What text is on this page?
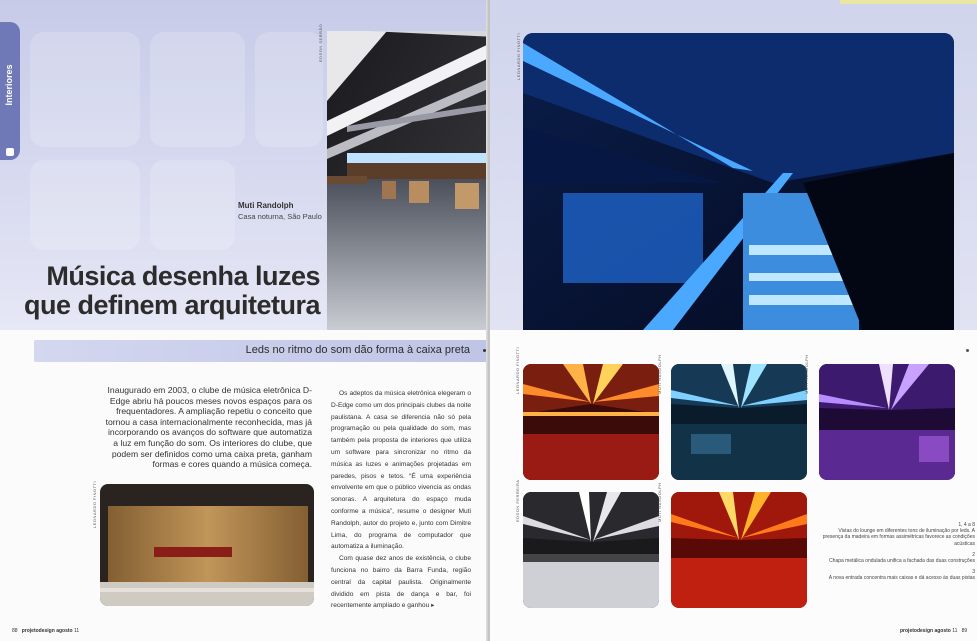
Interiores
EDSON SERRÃO
Muti Randolph
Casa noturna, São Paulo
Música desenha luzes
que definem arquitetura
Inaugurado em 2003, o clube de música eletrônica D-Edge abriu há poucos meses novos espaços para os frequentadores. A ampliação repetiu o conceito que tornou a casa internacionalmente reconhecida, mas já incorporando os avanços do software que automatiza a luz em função do som. Os interiores do clube, que podem ser definidos como uma caixa preta, ganham formas e cores quando a música começa.
LEONARDO FINOTTI

Os adeptos da música eletrônica elegeram o D-Edge como um dos principais clubes da noite paulistana. A casa se diferencia não só pela programação ou pela qualidade do som, mas também pela proposta de interiores que utiliza um software para sincronizar no ritmo da música as luzes e animações projetadas em paredes, pisos e tetos. “É uma experiência envolvente em que o público vivencia as ondas sonoras. A arquitetura do espaço muda conforme a música”, resume o designer Muti Randolph, autor do projeto e, junto com Dimitre Lima, do programa de computador que automatiza a iluminação.

Com quase dez anos de existência, o clube funciona no bairro da Barra Funda, região central da capital paulista. Originalmente dividido em pista de dança e bar, foi recentemente ampliado e ganhou ▸

88 projetodesign agosto 11
Leds no ritmo do som dão forma à caixa preta
LEONARDO FINOTTI
LEONARDO FINOTTI	MUTI RANDOLPH	MUTI RANDOLPH
EDSON FERREIRA	MUTI RANDOLPH

1, 4 a 8
Vistas do lounge em diferentes tons de iluminação por leds. A presença da madeira em formas assimétricas favorece as condições acústicas

2
Chapa metálica ondulada unifica a fachada das duas construções

3
A nova entrada concentra mais caixas e dá acesso às duas pistas

projetodesign agosto 11 89
